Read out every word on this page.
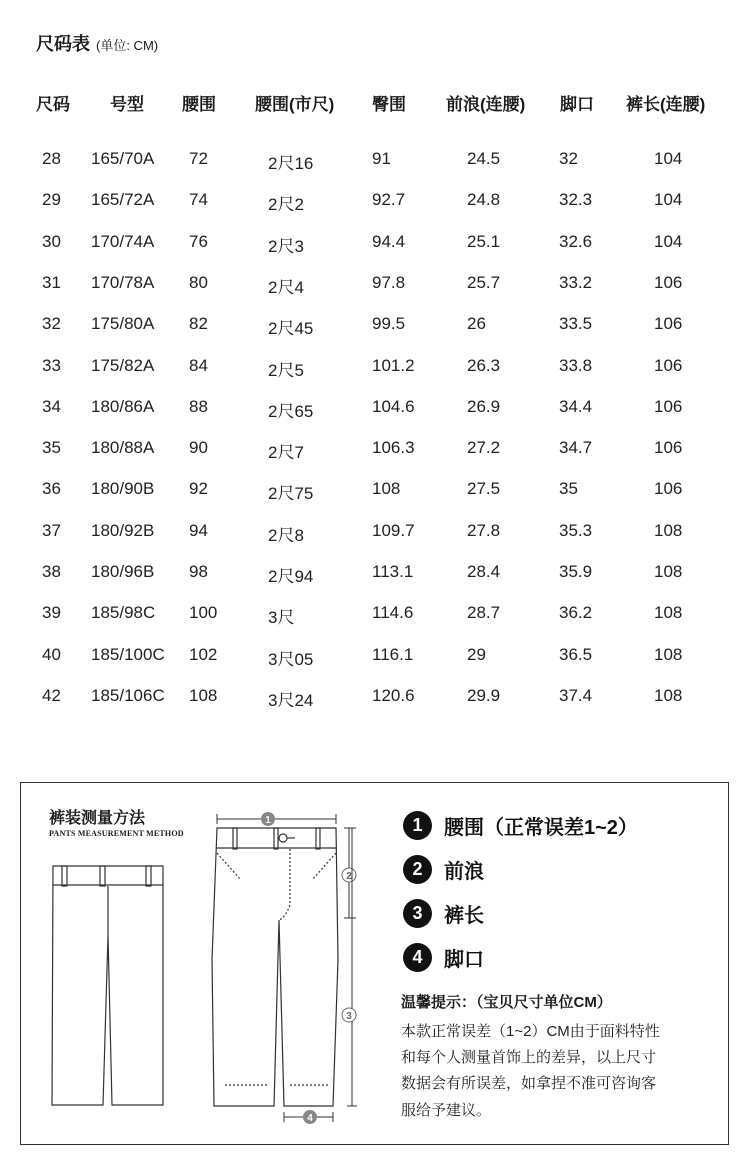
尺码表 (单位: CM)
尺码 号型 腰围 腰围(市尺) 臀围 前浪(连腰) 脚口 裤长(连腰)
28 165/70A 72	2尺16	91	24.5	32	104
29 165/72A 74	2尺2	92.7	24.8	32.3	104
30 170/74A 76	2尺3	94.4	25.1	32.6	104
31 170/78A 80	2尺4	97.8	25.7	33.2	106
32 175/80A 82	2尺45	99.5	26	33.5	106
33 175/82A 84	2尺5	101.2	26.3	33.8	106
34 180/86A 88	2尺65	104.6	26.9	34.4	106
35 180/88A 90	2尺7	106.3	27.2	34.7	106
36 180/90B 92	2尺75	108	27.5	35	106
37 180/92B 94	2尺8	109.7	27.8	35.3	108
38 180/96B 98	2尺94	113.1	28.4	35.9	108
39 185/98C 100	3尺	114.6	28.7	36.2	108
40 185/100C 102	3尺05	116.1	29	36.5	108
42 185/106C 108	3尺24	120.6	29.9	37.4	108
裤装测量方法
PANTS MEASUREMENT METHOD
1
2
3
4
1	腰围（正常误差1~2）
2	前浪
3	裤长
4	脚口
温馨提示：（宝贝尺寸单位CM）
本款正常误差（1~2）CM由于面料特性
和每个人测量首饰上的差异，以上尺寸
数据会有所误差，如拿捏不准可咨询客
服给予建议。
